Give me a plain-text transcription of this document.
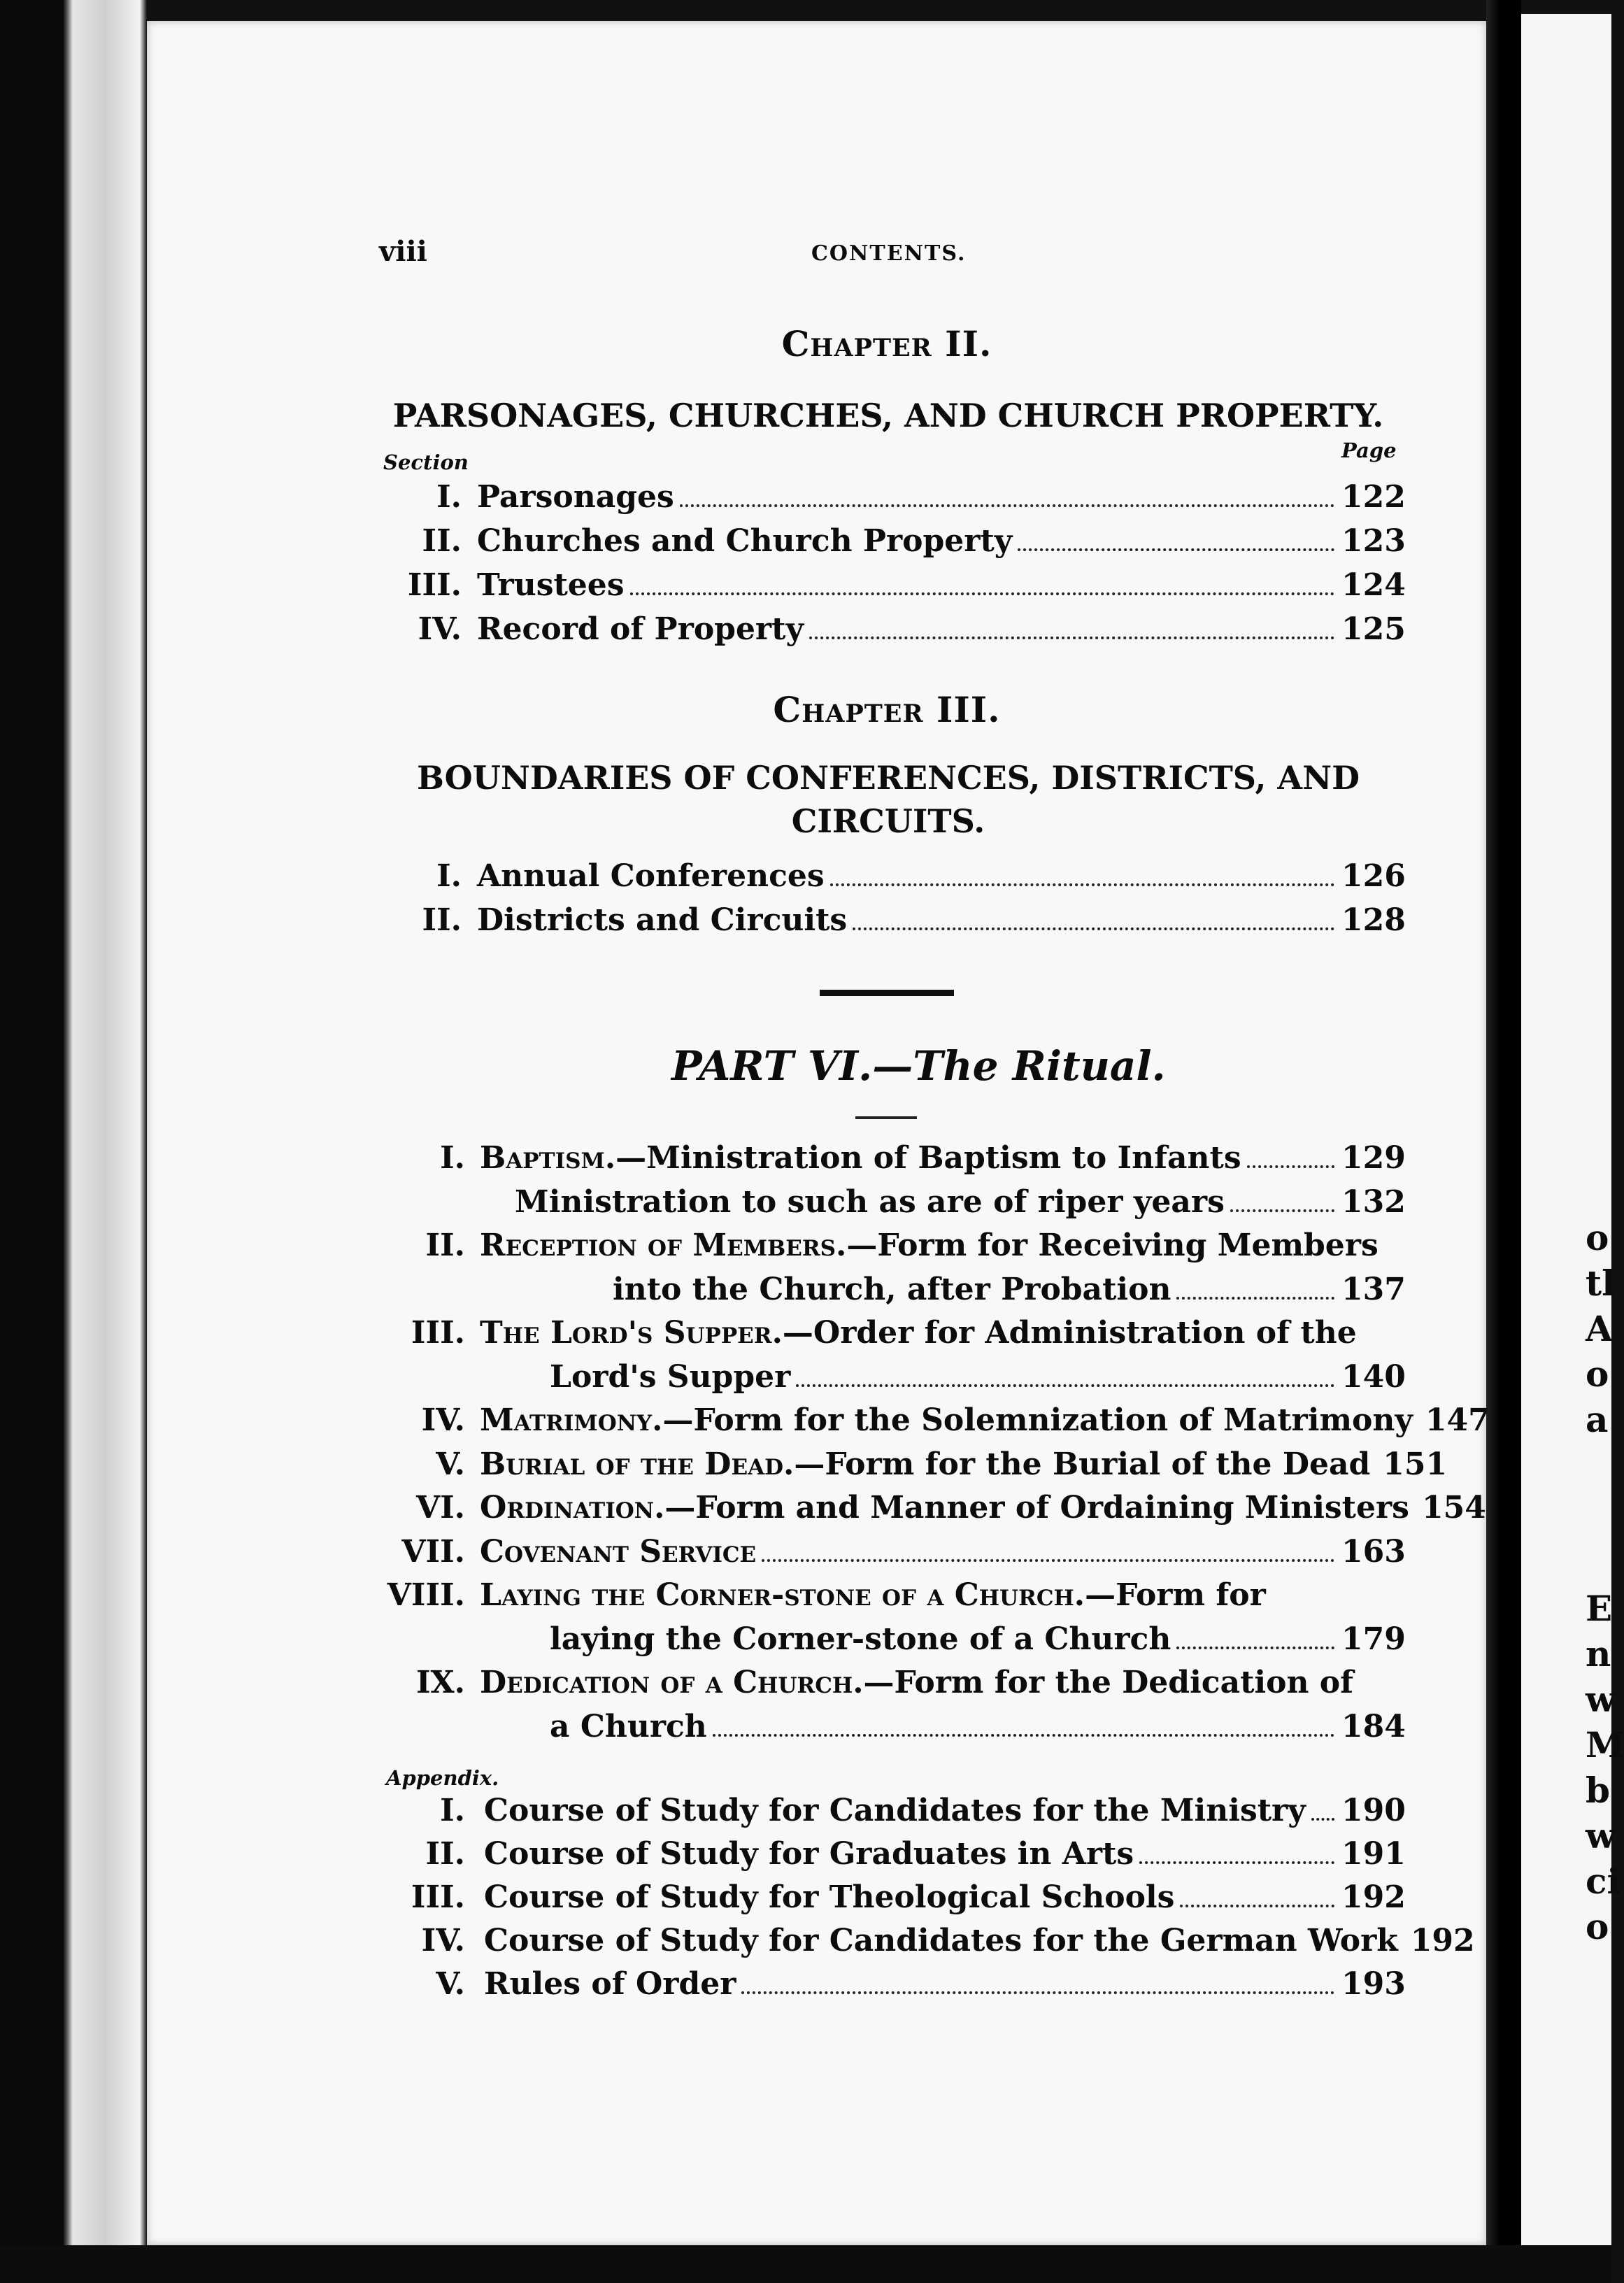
o
tl
A
o
a
E
n
w
M
b
w
ci
o
viii	CONTENTS.
Chapter II.
PARSONAGES, CHURCHES, AND CHURCH PROPERTY.
Section	Page
I. Parsonages	122
II. Churches and Church Property	123
III. Trustees	124
IV. Record of Property	125
Chapter III.
BOUNDARIES OF CONFERENCES, DISTRICTS, AND
CIRCUITS.
I. Annual Conferences	126
II. Districts and Circuits	128
PART VI.—The Ritual.
I. Baptism. —Ministration of Baptism to Infants	129
Ministration to such as are of riper years	132
II. Reception of Members. —Form for Receiving Members
into the Church, after Probation	137
III. The Lord's Supper. —Order for Administration of the
Lord's Supper	140
IV. Matrimony. —Form for the Solemnization of Matrimony 147
V. Burial of the Dead. —Form for the Burial of the Dead 151
VI. Ordination. —Form and Manner of Ordaining Ministers 154
VII. Covenant Service	163
VIII. Laying the Corner-stone of a Church. —Form for
laying the Corner-stone of a Church	179
IX. Dedication of a Church. —Form for the Dedication of
a Church	184
Appendix.
I. Course of Study for Candidates for the Ministry 190
II. Course of Study for Graduates in Arts	191
III. Course of Study for Theological Schools	192
IV. Course of Study for Candidates for the German Work 192
V. Rules of Order	193
